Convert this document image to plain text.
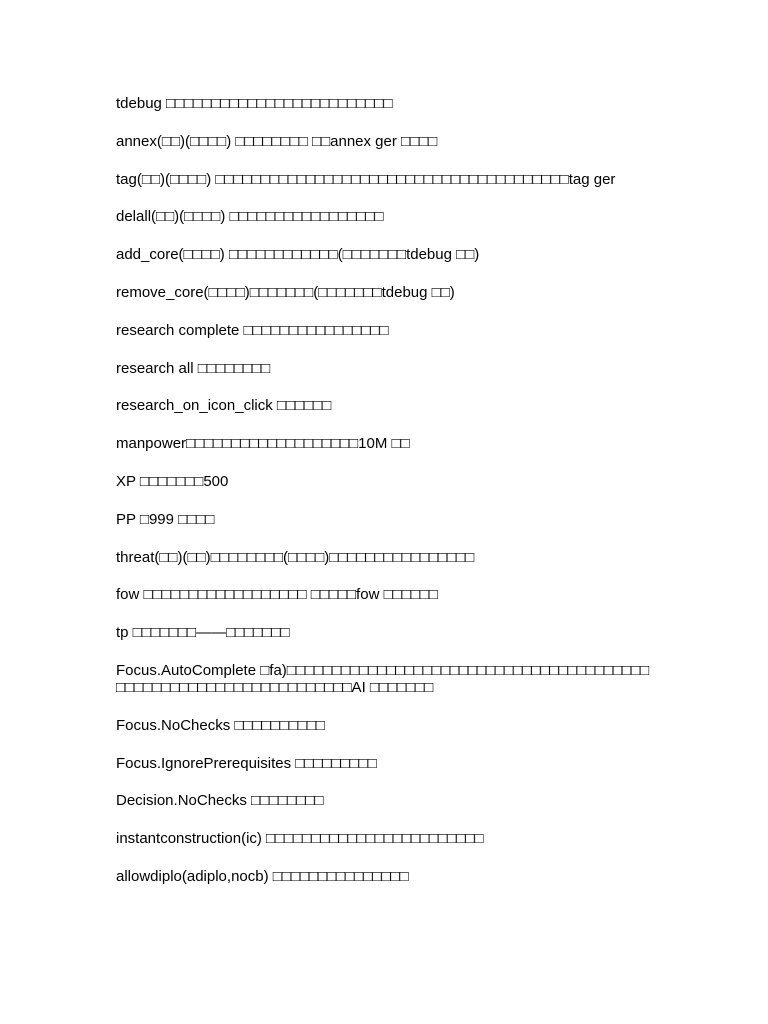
tdebug □□□□□□□□□□□□□□□□□□□□□□□□□
annex(□□)(□□□□) □□□□□□□□ □□annex ger □□□□
tag(□□)(□□□□) □□□□□□□□□□□□□□□□□□□□□□□□□□□□□□□□□□□□□□□tag ger
delall(□□)(□□□□) □□□□□□□□□□□□□□□□□
add_core(□□□□) □□□□□□□□□□□□(□□□□□□□tdebug □□)
remove_core(□□□□)□□□□□□□(□□□□□□□tdebug □□)
research complete □□□□□□□□□□□□□□□□
research all □□□□□□□□
research_on_icon_click □□□□□□
manpower□□□□□□□□□□□□□□□□□□□10M □□
XP □□□□□□□500
PP □999 □□□□
threat(□□)(□□)□□□□□□□□(□□□□)□□□□□□□□□□□□□□□□
fow □□□□□□□□□□□□□□□□□□ □□□□□fow □□□□□□
tp □□□□□□□——□□□□□□□
Focus.AutoComplete □fa)□□□□□□□□□□□□□□□□□□□□□□□□□□□□□□□□□□□□□□□□□□□□□□□□□□□□□□□□□□□□□□□□□□AI □□□□□□□
Focus.NoChecks □□□□□□□□□□
Focus.IgnorePrerequisites □□□□□□□□□
Decision.NoChecks □□□□□□□□
instantconstruction(ic) □□□□□□□□□□□□□□□□□□□□□□□□
allowdiplo(adiplo,nocb) □□□□□□□□□□□□□□□
